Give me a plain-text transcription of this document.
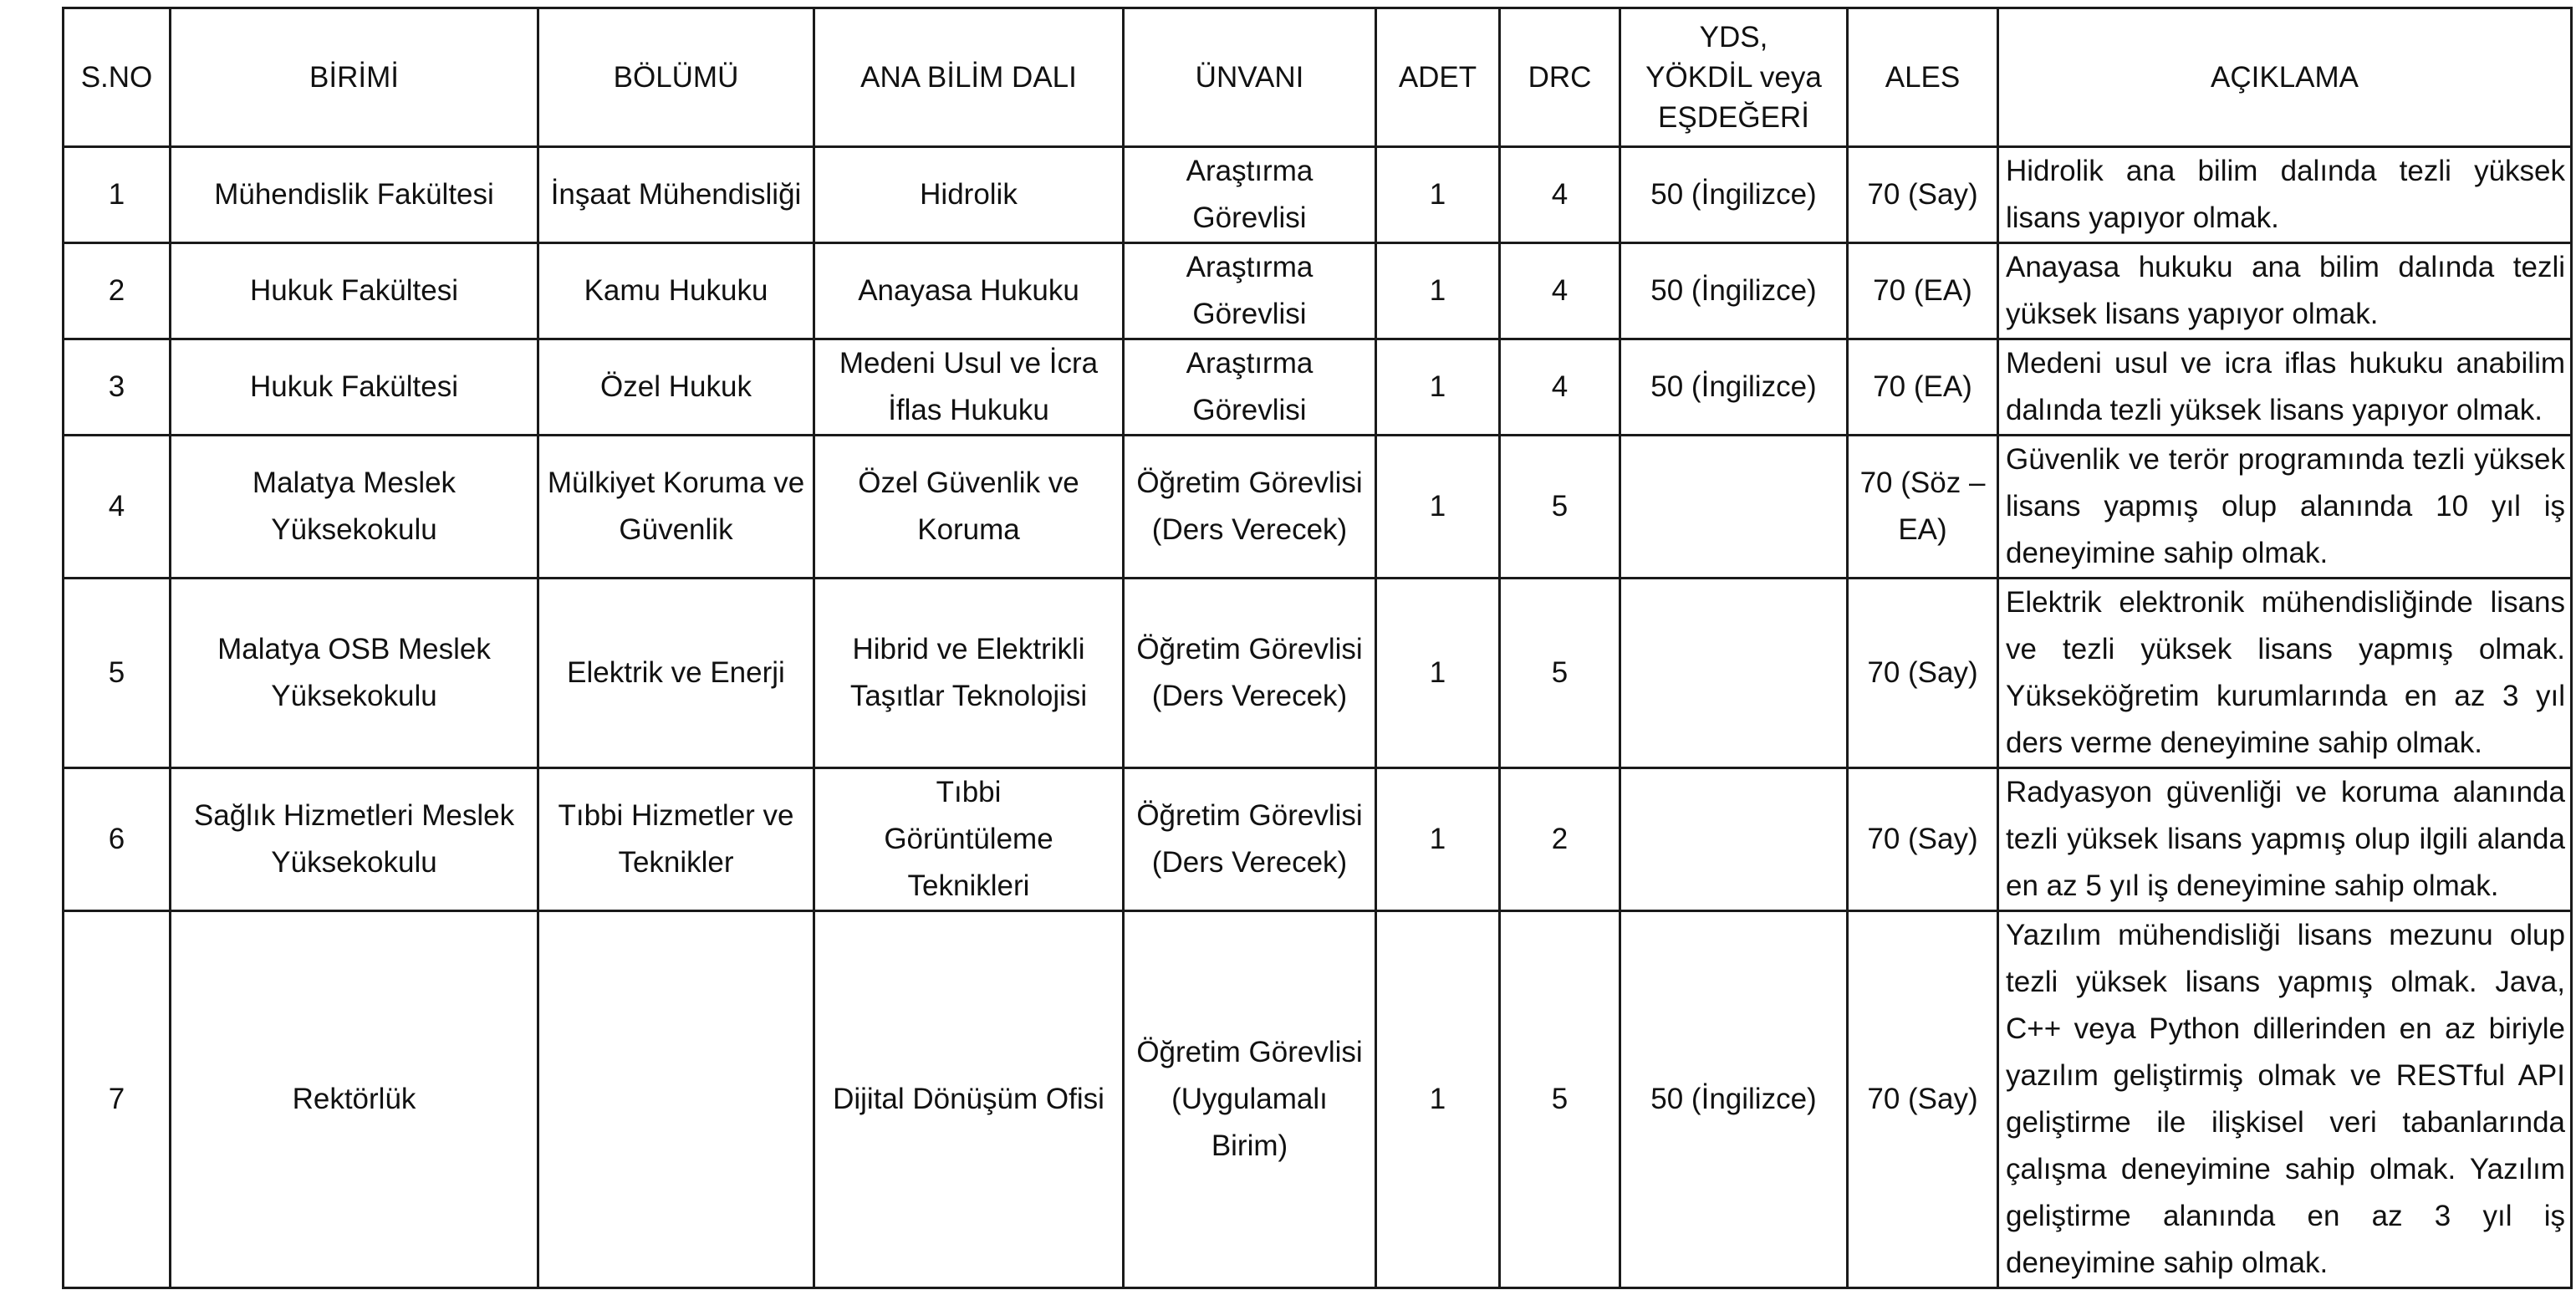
S.NO	BİRİMİ	BÖLÜMÜ	ANA BİLİM DALI	ÜNVANI	ADET	DRC	YDS, YÖKDİL veya EŞDEĞERİ	ALES	AÇIKLAMA
1	Mühendislik Fakültesi	İnşaat Mühendisliği	Hidrolik	Araştırma Görevlisi	1	4	50 (İngilizce)	70 (Say)	Hidrolik ana bilim dalında tezli yüksek lisans yapıyor olmak.
2	Hukuk Fakültesi	Kamu Hukuku	Anayasa Hukuku	Araştırma Görevlisi	1	4	50 (İngilizce)	70 (EA)	Anayasa hukuku ana bilim dalında tezli yüksek lisans yapıyor olmak.
3	Hukuk Fakültesi	Özel Hukuk	Medeni Usul ve İcra İflas Hukuku	Araştırma Görevlisi	1	4	50 (İngilizce)	70 (EA)	Medeni usul ve icra iflas hukuku anabilim dalında tezli yüksek lisans yapıyor olmak.
4	Malatya Meslek Yüksekokulu	Mülkiyet Koruma ve Güvenlik	Özel Güvenlik ve Koruma	Öğretim Görevlisi (Ders Verecek)	1	5		70 (Söz – EA)	Güvenlik ve terör programında tezli yüksek lisans yapmış olup alanında 10 yıl iş deneyimine sahip olmak.
5	Malatya OSB Meslek Yüksekokulu	Elektrik ve Enerji	Hibrid ve Elektrikli Taşıtlar Teknolojisi	Öğretim Görevlisi (Ders Verecek)	1	5		70 (Say)	Elektrik elektronik mühendisliğinde lisans ve tezli yüksek lisans yapmış olmak. Yükseköğretim kurumlarında en az 3 yıl ders verme deneyimine sahip olmak.
6	Sağlık Hizmetleri Meslek Yüksekokulu	Tıbbi Hizmetler ve Teknikler	Tıbbi Görüntüleme Teknikleri	Öğretim Görevlisi (Ders Verecek)	1	2		70 (Say)	Radyasyon güvenliği ve koruma alanında tezli yüksek lisans yapmış olup ilgili alanda en az 5 yıl iş deneyimine sahip olmak.
7	Rektörlük		Dijital Dönüşüm Ofisi	Öğretim Görevlisi (Uygulamalı Birim)	1	5	50 (İngilizce)	70 (Say)	Yazılım mühendisliği lisans mezunu olup tezli yüksek lisans yapmış olmak. Java, C++ veya Python dillerinden en az biriyle yazılım geliştirmiş olmak ve RESTful API geliştirme ile ilişkisel veri tabanlarında çalışma deneyimine sahip olmak. Yazılım geliştirme alanında en az 3 yıl iş deneyimine sahip olmak.
